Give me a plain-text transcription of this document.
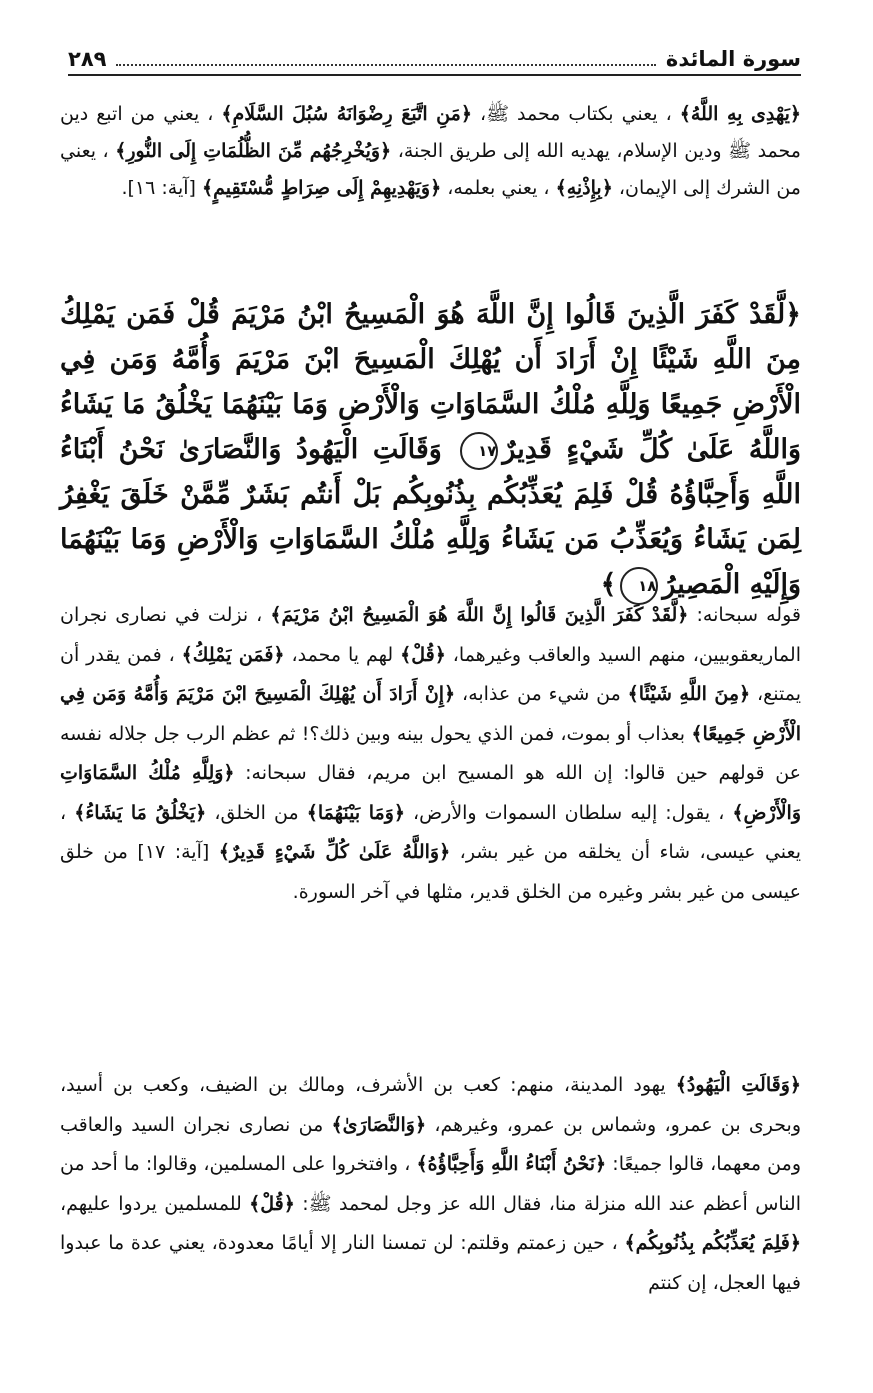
سورة المائدة
٢٨٩

﴿يَهْدِى بِهِ اللَّهُ﴾ ، يعني بكتاب محمد ﷺ، ﴿مَنِ اتَّبَعَ رِضْوَانَهُ سُبُلَ السَّلَامِ﴾ ، يعني من اتبع دين محمد ﷺ ودين الإسلام، يهديه الله إلى طريق الجنة، ﴿وَيُخْرِجُهُم مِّنَ الظُّلُمَاتِ إِلَى النُّورِ﴾ ، يعني من الشرك إلى الإيمان، ﴿بِإِذْنِهِ﴾ ، يعني بعلمه، ﴿وَيَهْدِيهِمْ إِلَى صِرَاطٍ مُّسْتَقِيمٍ﴾ [آية: ١٦].

﴿لَّقَدْ كَفَرَ الَّذِينَ قَالُوا إِنَّ اللَّهَ هُوَ الْمَسِيحُ ابْنُ مَرْيَمَ قُلْ فَمَن يَمْلِكُ مِنَ اللَّهِ شَيْئًا إِنْ أَرَادَ أَن يُهْلِكَ الْمَسِيحَ ابْنَ مَرْيَمَ وَأُمَّهُ وَمَن فِي الْأَرْضِ جَمِيعًا وَلِلَّهِ مُلْكُ السَّمَاوَاتِ وَالْأَرْضِ وَمَا بَيْنَهُمَا يَخْلُقُ مَا يَشَاءُ وَاللَّهُ عَلَىٰ كُلِّ شَيْءٍ قَدِيرٌ١٧ وَقَالَتِ الْيَهُودُ وَالنَّصَارَىٰ نَحْنُ أَبْنَاءُ اللَّهِ وَأَحِبَّاؤُهُ قُلْ فَلِمَ يُعَذِّبُكُم بِذُنُوبِكُم بَلْ أَنتُم بَشَرٌ مِّمَّنْ خَلَقَ يَغْفِرُ لِمَن يَشَاءُ وَيُعَذِّبُ مَن يَشَاءُ وَلِلَّهِ مُلْكُ السَّمَاوَاتِ وَالْأَرْضِ وَمَا بَيْنَهُمَا وَإِلَيْهِ الْمَصِيرُ١٨﴾

قوله سبحانه: ﴿لَّقَدْ كَفَرَ الَّذِينَ قَالُوا إِنَّ اللَّهَ هُوَ الْمَسِيحُ ابْنُ مَرْيَمَ﴾ ، نزلت في نصارى نجران الماريعقوبيين، منهم السيد والعاقب وغيرهما، ﴿قُلْ﴾ لهم يا محمد، ﴿فَمَن يَمْلِكُ﴾ ، فمن يقدر أن يمتنع، ﴿مِنَ اللَّهِ شَيْئًا﴾ من شيء من عذابه، ﴿إِنْ أَرَادَ أَن يُهْلِكَ الْمَسِيحَ ابْنَ مَرْيَمَ وَأُمَّهُ وَمَن فِي الْأَرْضِ جَمِيعًا﴾ بعذاب أو بموت، فمن الذي يحول بينه وبين ذلك؟! ثم عظم الرب جل جلاله نفسه عن قولهم حين قالوا: إن الله هو المسيح ابن مريم، فقال سبحانه: ﴿وَلِلَّهِ مُلْكُ السَّمَاوَاتِ وَالْأَرْضِ﴾ ، يقول: إليه سلطان السموات والأرض، ﴿وَمَا بَيْنَهُمَا﴾ من الخلق، ﴿يَخْلُقُ مَا يَشَاءُ﴾ ، يعني عيسى، شاء أن يخلقه من غير بشر، ﴿وَاللَّهُ عَلَىٰ كُلِّ شَيْءٍ قَدِيرٌ﴾ [آية: ١٧] من خلق عيسى من غير بشر وغيره من الخلق قدير، مثلها في آخر السورة.

﴿وَقَالَتِ الْيَهُودُ﴾ يهود المدينة، منهم: كعب بن الأشرف، ومالك بن الضيف، وكعب بن أسيد، وبحرى بن عمرو، وشماس بن عمرو، وغيرهم، ﴿وَالنَّصَارَىٰ﴾ من نصارى نجران السيد والعاقب ومن معهما، قالوا جميعًا: ﴿نَحْنُ أَبْنَاءُ اللَّهِ وَأَحِبَّاؤُهُ﴾ ، وافتخروا على المسلمين، وقالوا: ما أحد من الناس أعظم عند الله منزلة منا، فقال الله عز وجل لمحمد ﷺ: ﴿قُلْ﴾ للمسلمين يردوا عليهم، ﴿فَلِمَ يُعَذِّبُكُم بِذُنُوبِكُم﴾ ، حين زعمتم وقلتم: لن تمسنا النار إلا أيامًا معدودة، يعني عدة ما عبدوا فيها العجل، إن كنتم
